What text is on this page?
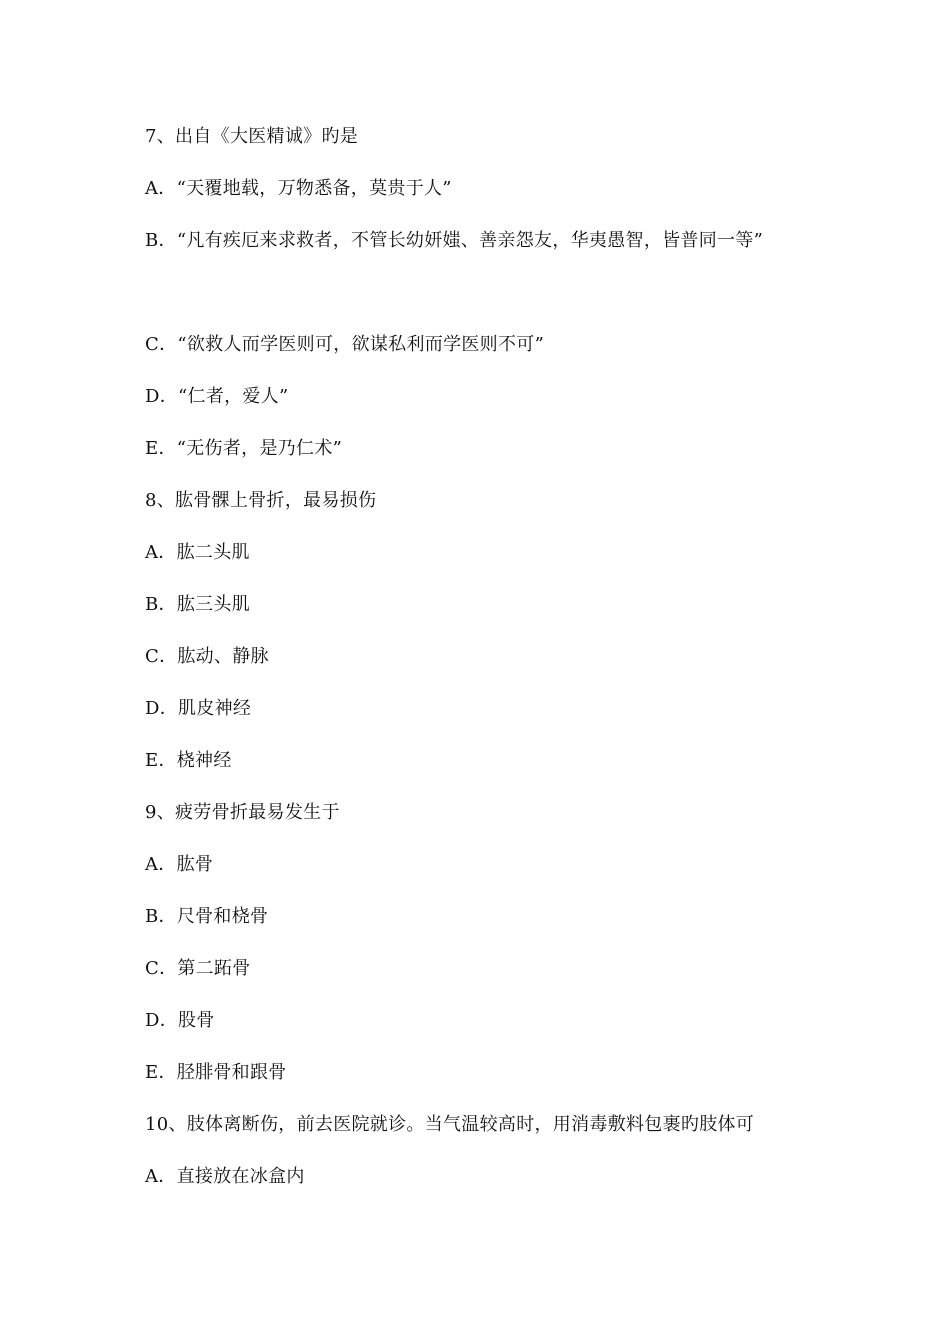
7、出自《大医精诚》旳是
A．“天覆地载，万物悉备，莫贵于人”
B．“凡有疾厄来求救者，不管长幼妍媸、善亲怨友，华夷愚智，皆普同一等”
C．“欲救人而学医则可，欲谋私利而学医则不可”
D．“仁者，爱人”
E．“无伤者，是乃仁术”
8、肱骨髁上骨折，最易损伤
A．肱二头肌
B．肱三头肌
C．肱动、静脉
D．肌皮神经
E．桡神经
9、疲劳骨折最易发生于
A．肱骨
B．尺骨和桡骨
C．第二跖骨
D．股骨
E．胫腓骨和跟骨
10、肢体离断伤，前去医院就诊。当气温较高时，用消毒敷料包裹旳肢体可
A．直接放在冰盒内
